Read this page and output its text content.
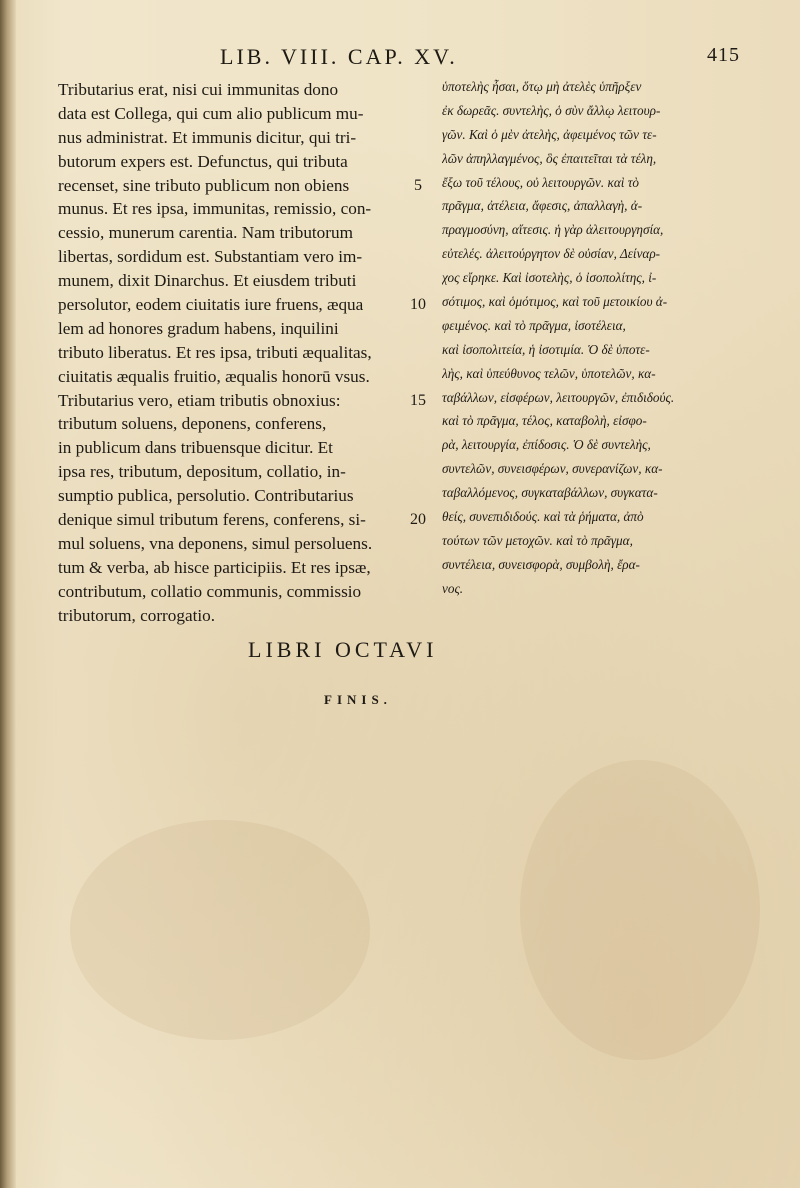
LIB. VIII. CAP. XV.	415
Tributarius erat, nisi cui immunitas dono
data est Collega, qui cum alio publicum mu-
nus administrat. Et immunis dicitur, qui tri-
butorum expers est. Defunctus, qui tributa
recenset, sine tributo publicum non obiens
munus. Et res ipsa, immunitas, remissio, con-
cessio, munerum carentia. Nam tributorum
libertas, sordidum est. Substantiam vero im-
munem, dixit Dinarchus. Et eiusdem tributi
persolutor, eodem ciuitatis iure fruens, æqua
lem ad honores gradum habens, inquilini
tributo liberatus. Et res ipsa, tributi æqualitas,
ciuitatis æqualis fruitio, æqualis honorū vsus.
Tributarius vero, etiam tributis obnoxius:
tributum soluens, deponens, conferens,
in publicum dans tribuensque dicitur. Et
ipsa res, tributum, depositum, collatio, in-
sumptio publica, persolutio. Contributarius
denique simul tributum ferens, conferens, si-
mul soluens, vna deponens, simul persoluens.
tum & verba, ab hisce participiis. Et res ipsæ,
contributum, collatio communis, commissio
tributorum, corrogatio.
5
10
15
20
ὑποτελὴς ἦσαι, ὅτῳ μὴ ἀτελὲς ὑπῆρξεν
ἐκ δωρεᾶς. συντελὴς, ὁ σὺν ἄλλῳ λειτουρ-
γῶν. Καὶ ὁ μὲν ἀτελὴς, ἀφειμένος τῶν τε-
λῶν ἀπηλλαγμένος, ὃς ἐπαιτεῖται τὰ τέλη,
ἔξω τοῦ τέλους, οὐ λειτουργῶν. καὶ τὸ
πρᾶγμα, ἀτέλεια, ἄφεσις, ἀπαλλαγὴ, ἀ-
πραγμοσύνη, αἴτεσις. ἡ γὰρ ἀλειτουργησία,
εὐτελές. ἀλειτούργητον δὲ οὐσίαν, Δείναρ-
χος εἴρηκε. Καὶ ἰσοτελὴς, ὁ ἰσοπολίτης, ἰ-
σότιμος, καὶ ὁμότιμος, καὶ τοῦ μετοικίου ἀ-
φειμένος. καὶ τὸ πρᾶγμα, ἰσοτέλεια,
καὶ ἰσοπολιτεία, ἡ ἰσοτιμία. Ὁ δὲ ὑποτε-
λὴς, καὶ ὑπεύθυνος τελῶν, ὑποτελῶν, κα-
ταβάλλων, εἰσφέρων, λειτουργῶν, ἐπιδιδούς.
καὶ τὸ πρᾶγμα, τέλος, καταβολὴ, εἰσφο-
ρὰ, λειτουργία, ἐπίδοσις. Ὁ δὲ συντελὴς,
συντελῶν, συνεισφέρων, συνερανίζων, κα-
ταβαλλόμενος, συγκαταβάλλων, συγκατα-
θείς, συνεπιδιδούς. καὶ τὰ ῥήματα, ἀπὸ
τούτων τῶν μετοχῶν. καὶ τὸ πρᾶγμα,
συντέλεια, συνεισφορὰ, συμβολὴ, ἔρα-
νος.
LIBRI OCTAVI
FINIS.
